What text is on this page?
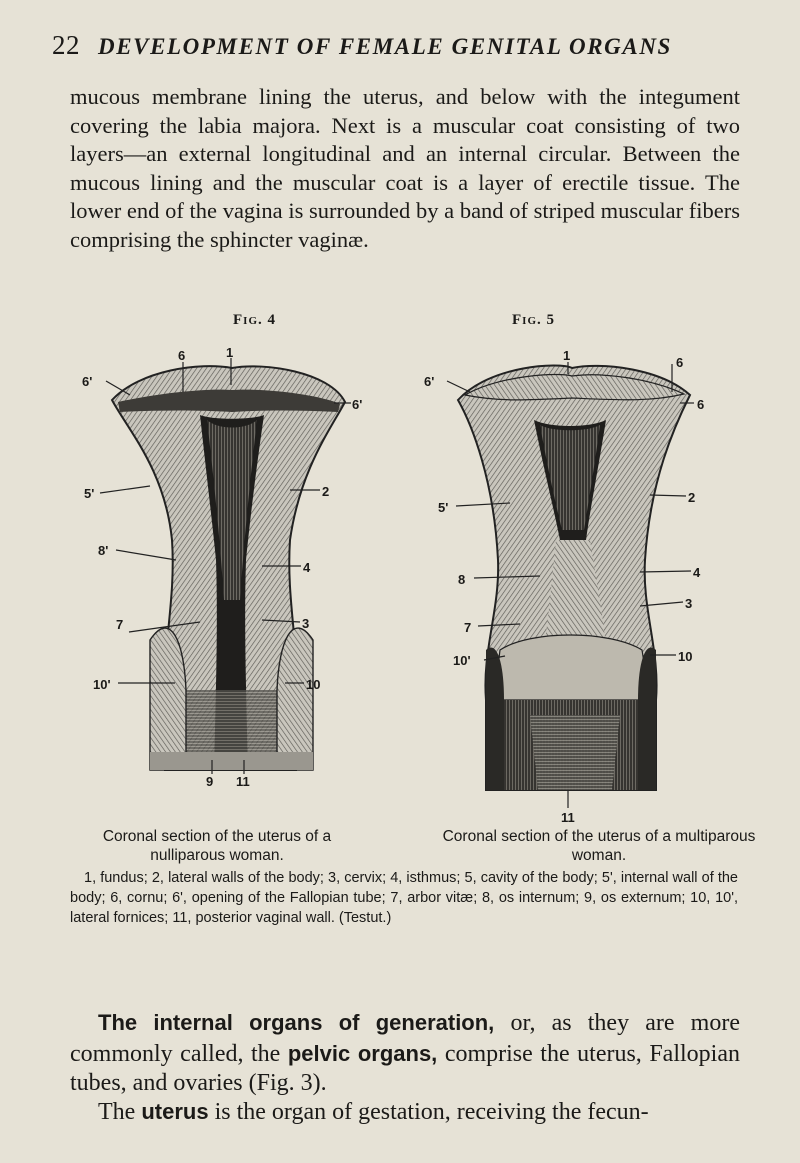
22 DEVELOPMENT OF FEMALE GENITAL ORGANS

mucous membrane lining the uterus, and below with the integument covering the labia majora. Next is a muscular coat consisting of two layers—an external longitudinal and an internal circular. Between the mucous lining and the muscular coat is a layer of erectile tissue. The lower end of the vagina is surrounded by a band of striped muscular fibers comprising the sphincter vaginæ.

Fig. 4	Fig. 5
6	1
6'
6'
5'	2
8'
4
7	3
10'	10
9 11
1	6
6'
6
5'
2
8	4
3
7
10'	10
11

Coronal section of the uterus of a nulliparous woman.

Coronal section of the uterus of a multiparous woman.

1, fundus; 2, lateral walls of the body; 3, cervix; 4, isthmus; 5, cavity of the body; 5', internal wall of the body; 6, cornu; 6', opening of the Fallopian tube; 7, arbor vitæ; 8, os internum; 9, os externum; 10, 10', lateral fornices; 11, posterior vaginal wall. (Testut.)

The internal organs of generation, or, as they are more commonly called, the pelvic organs, comprise the uterus, Fallopian tubes, and ovaries (Fig. 3).

The uterus is the organ of gestation, receiving the fecun-
